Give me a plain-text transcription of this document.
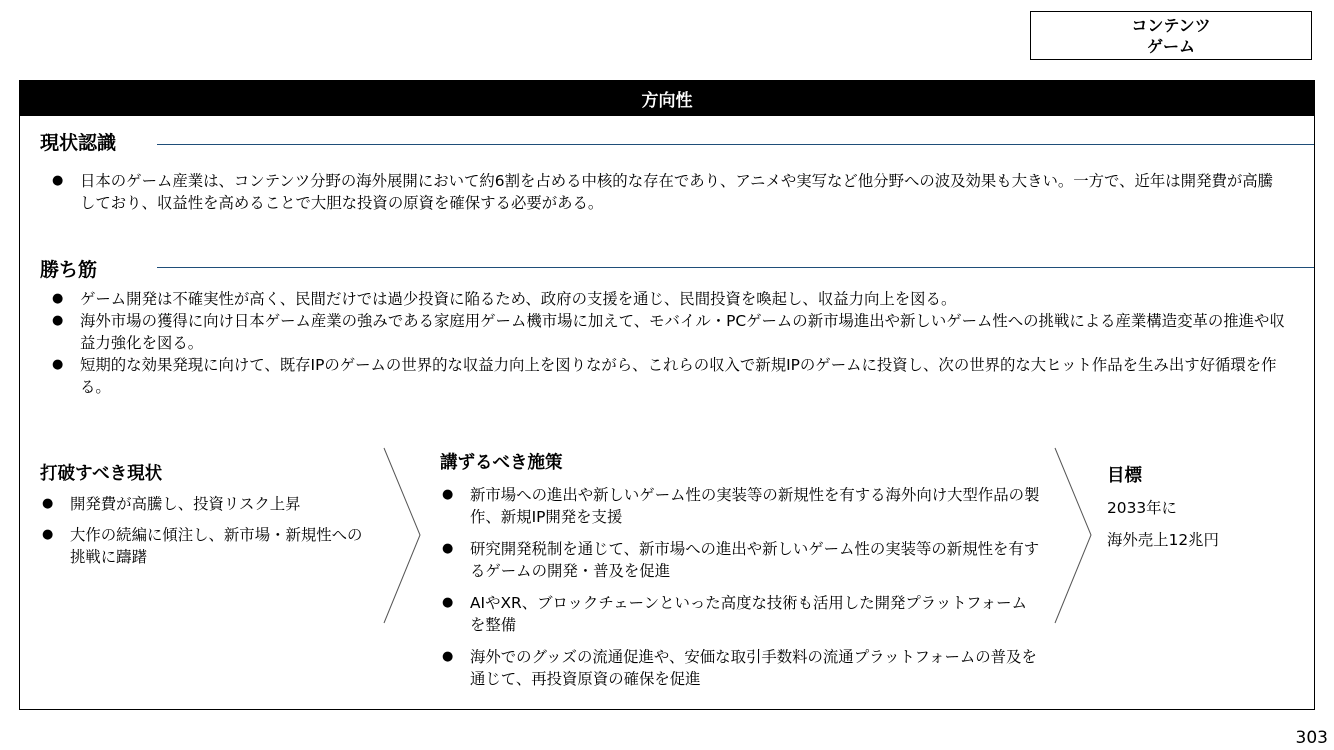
コンテンツ
ゲーム
方向性
現状認識
● 日本のゲーム産業は、コンテンツ分野の海外展開において約6割を占める中核的な存在であり、アニメや実写など他分野への波及効果も大きい。一方で、近年は開発費が高騰しており、収益性を高めることで大胆な投資の原資を確保する必要がある。
勝ち筋
● ゲーム開発は不確実性が高く、民間だけでは過少投資に陥るため、政府の支援を通じ、民間投資を喚起し、収益力向上を図る。
● 海外市場の獲得に向け日本ゲーム産業の強みである家庭用ゲーム機市場に加えて、モバイル・PCゲームの新市場進出や新しいゲーム性への挑戦による産業構造変革の推進や収益力強化を図る。
● 短期的な効果発現に向けて、既存IPのゲームの世界的な収益力向上を図りながら、これらの収入で新規IPのゲームに投資し、次の世界的な大ヒット作品を生み出す好循環を作る。
打破すべき現状
● 開発費が高騰し、投資リスク上昇
● 大作の続編に傾注し、新市場・新規性への挑戦に躊躇
講ずるべき施策
● 新市場への進出や新しいゲーム性の実装等の新規性を有する海外向け大型作品の製作、新規IP開発を支援
● 研究開発税制を通じて、新市場への進出や新しいゲーム性の実装等の新規性を有するゲームの開発・普及を促進
● AIやXR、ブロックチェーンといった高度な技術も活用した開発プラットフォームを整備
● 海外でのグッズの流通促進や、安価な取引手数料の流通プラットフォームの普及を通じて、再投資原資の確保を促進
目標
2033年に
海外売上12兆円
303
